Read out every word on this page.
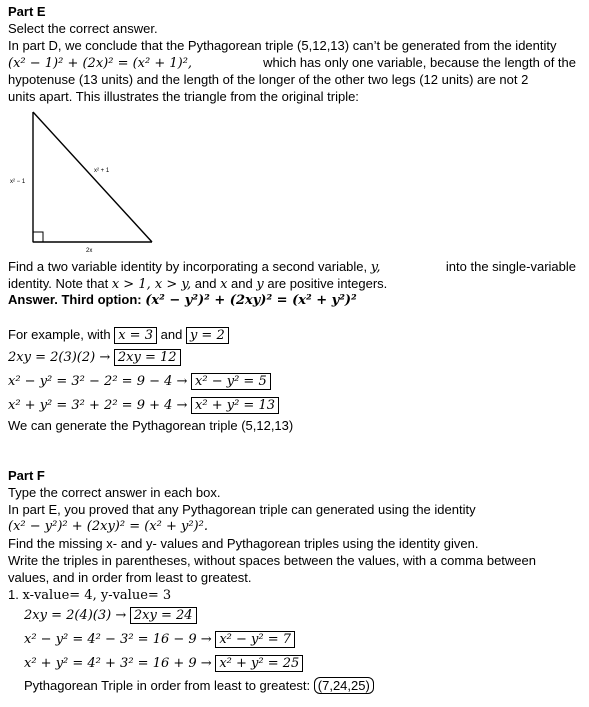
Part E
Select the correct answer.
In part D, we conclude that the Pythagorean triple (5,12,13) can’t be generated from the identity
(x² − 1)² + (2x)² = (x² + 1)²,	which has only one variable, because the length of the
hypotenuse (13 units) and the length of the longer of the other two legs (12 units) are not 2
units apart. This illustrates the triangle from the original triple:
x² − 1
x² + 1
2x
Find a two variable identity by incorporating a second variable, y,	into the single-variable
identity. Note that x > 1, x > y, and x and y are positive integers.
Answer. Third option: (x² − y²)² + (2xy)² = (x² + y²)²
For example, with x = 3 and y = 2
2xy = 2(3)(2) → 2xy = 12
x² − y² = 3² − 2² = 9 − 4 → x² − y² = 5
x² + y² = 3² + 2² = 9 + 4 → x² + y² = 13
We can generate the Pythagorean triple (5,12,13)
Part F
Type the correct answer in each box.
In part E, you proved that any Pythagorean triple can generated using the identity
(x² − y²)² + (2xy)² = (x² + y²)².
Find the missing x- and y- values and Pythagorean triples using the identity given.
Write the triples in parentheses, without spaces between the values, with a comma between
values, and in order from least to greatest.
1. x-value= 4, y-value= 3
2xy = 2(4)(3) → 2xy = 24
x² − y² = 4² − 3² = 16 − 9 → x² − y² = 7
x² + y² = 4² + 3² = 16 + 9 → x² + y² = 25
Pythagorean Triple in order from least to greatest: (7,24,25)
